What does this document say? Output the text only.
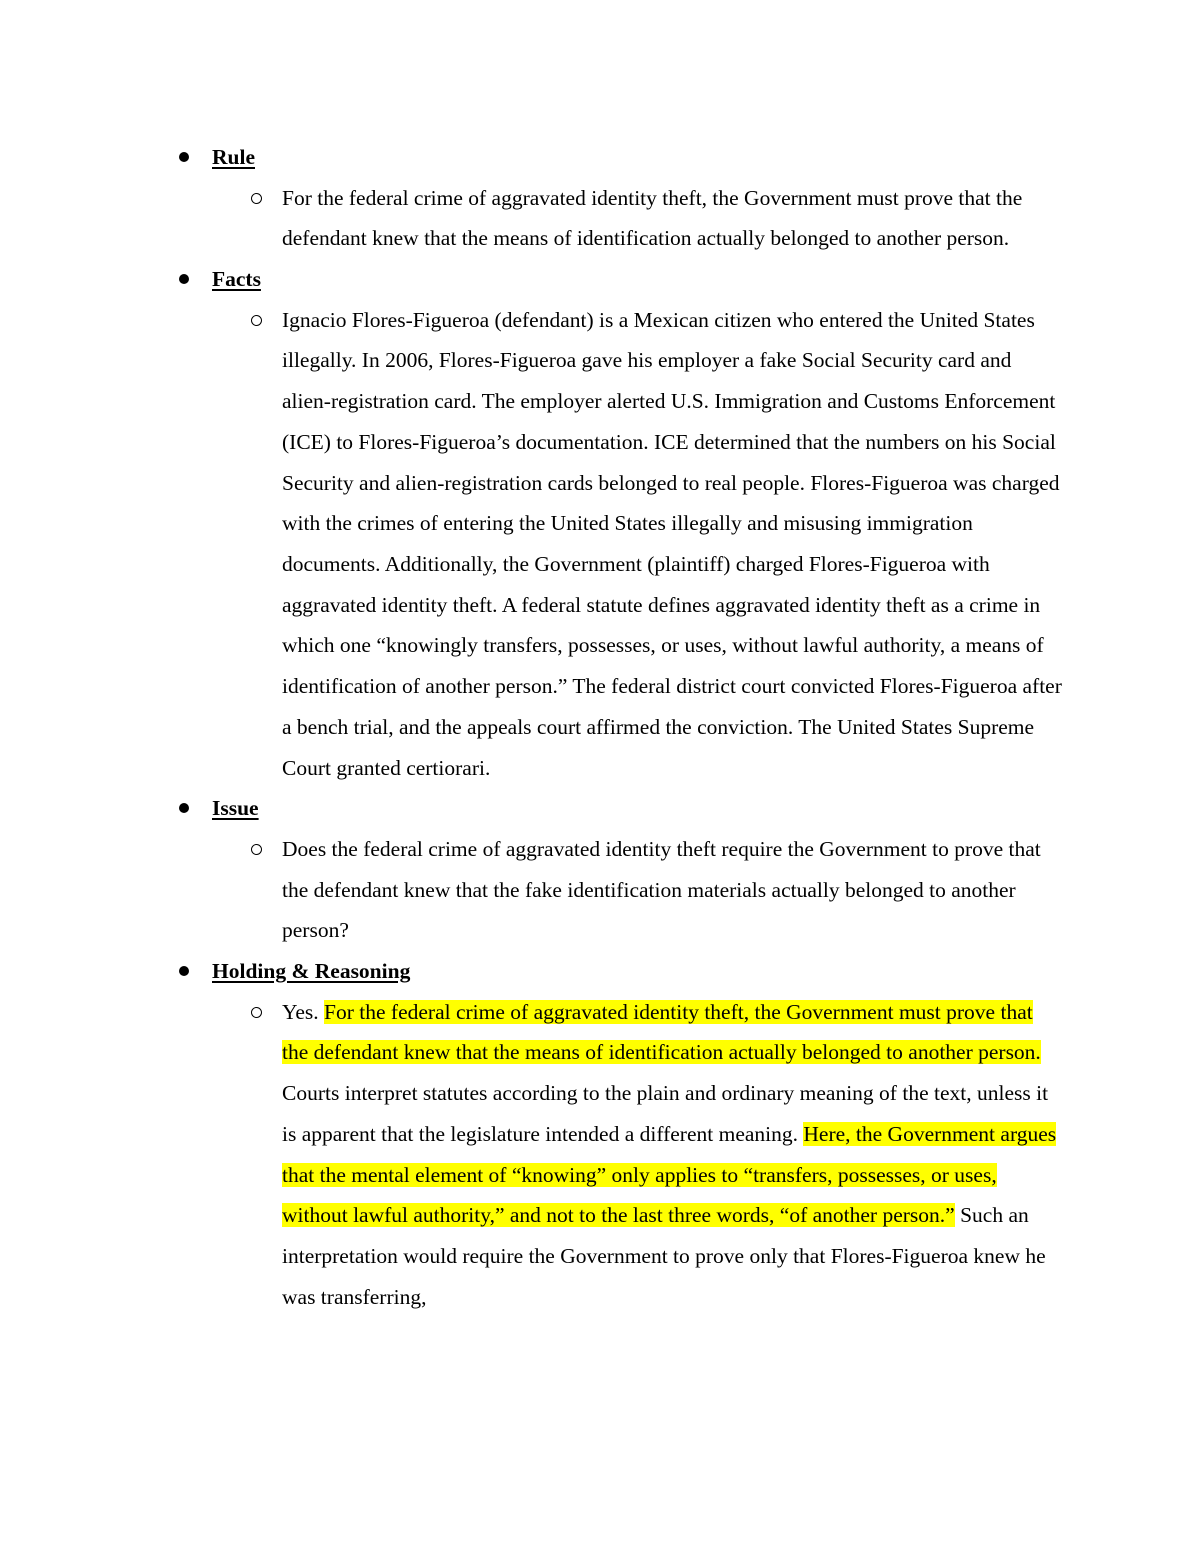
Rule

For the federal crime of aggravated identity theft, the Government must prove that the defendant knew that the means of identification actually belonged to another person.

Facts

Ignacio Flores-Figueroa (defendant) is a Mexican citizen who entered the United States illegally. In 2006, Flores-Figueroa gave his employer a fake Social Security card and alien-registration card. The employer alerted U.S. Immigration and Customs Enforcement (ICE) to Flores-Figueroa’s documentation. ICE determined that the numbers on his Social Security and alien-registration cards belonged to real people. Flores-Figueroa was charged with the crimes of entering the United States illegally and misusing immigration documents. Additionally, the Government (plaintiff) charged Flores-Figueroa with aggravated identity theft. A federal statute defines aggravated identity theft as a crime in which one “knowingly transfers, possesses, or uses, without lawful authority, a means of identification of another person.” The federal district court convicted Flores-Figueroa after a bench trial, and the appeals court affirmed the conviction. The United States Supreme Court granted certiorari.

Issue

Does the federal crime of aggravated identity theft require the Government to prove that the defendant knew that the fake identification materials actually belonged to another person?

Holding & Reasoning

Yes. For the federal crime of aggravated identity theft, the Government must prove that the defendant knew that the means of identification actually belonged to another person. Courts interpret statutes according to the plain and ordinary meaning of the text, unless it is apparent that the legislature intended a different meaning. Here, the Government argues that the mental element of “knowing” only applies to “transfers, possesses, or uses, without lawful authority,” and not to the last three words, “of another person.” Such an interpretation would require the Government to prove only that Flores-Figueroa knew he was transferring,
